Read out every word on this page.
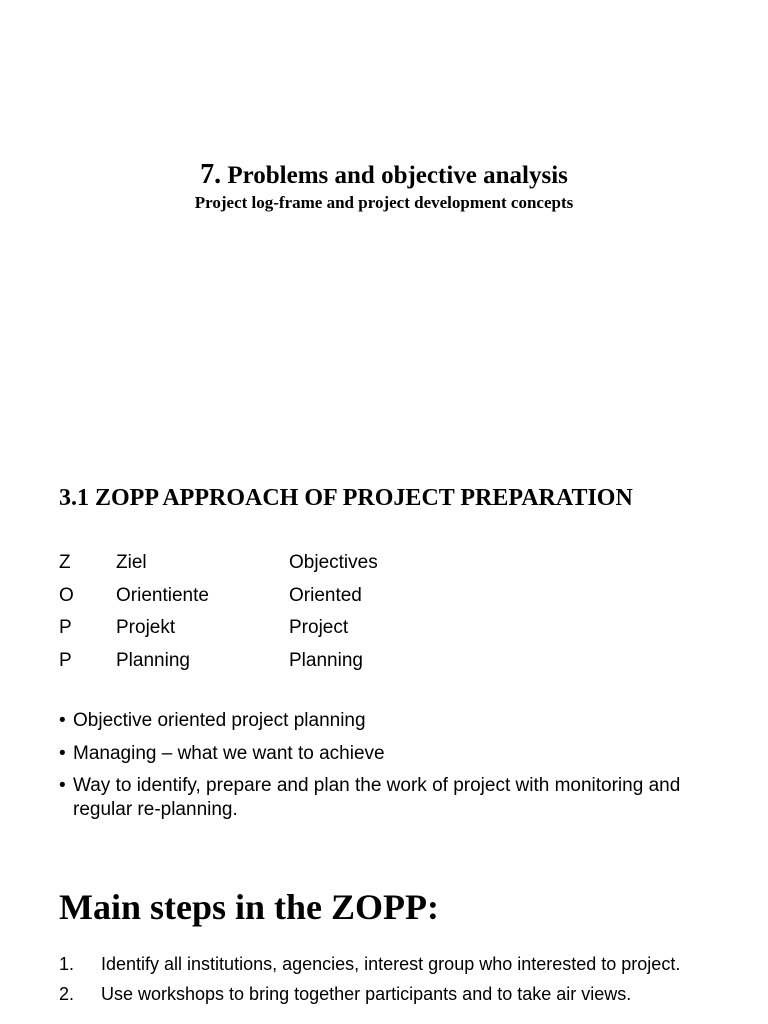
7. Problems and objective analysis
Project log-frame and project development concepts
3.1 ZOPP APPROACH OF PROJECT PREPARATION
Z Ziel	Objectives
O Orientiente	Oriented
P Projekt	Project
P Planning	Planning
• Objective oriented project planning
• Managing – what we want to achieve
• Way to identify, prepare and plan the work of project with monitoring and regular re-planning.
Main steps in the ZOPP:
1. Identify all institutions, agencies, interest group who interested to project.
2. Use workshops to bring together participants and to take air views.
